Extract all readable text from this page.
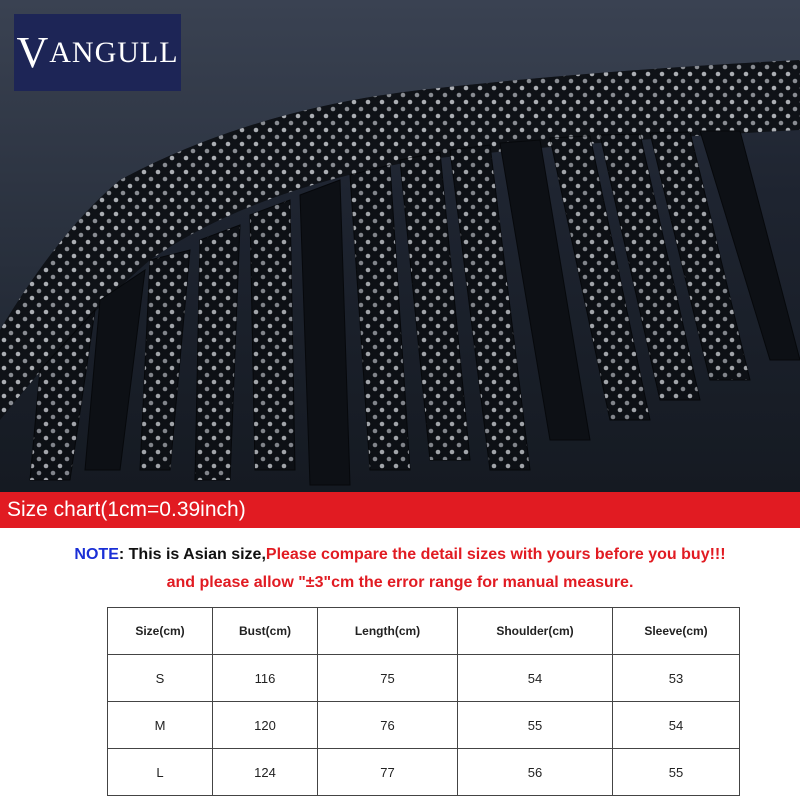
V ANGULL
Size chart(1cm=0.39inch)
NOTE: This is Asian size,Please compare the detail sizes with yours before you buy!!!
and please allow "±3"cm the error range for manual measure.
Size(cm)	Bust(cm)	Length(cm)	Shoulder(cm)	Sleeve(cm)
S	116	75	54	53
M	120	76	55	54
L	124	77	56	55
